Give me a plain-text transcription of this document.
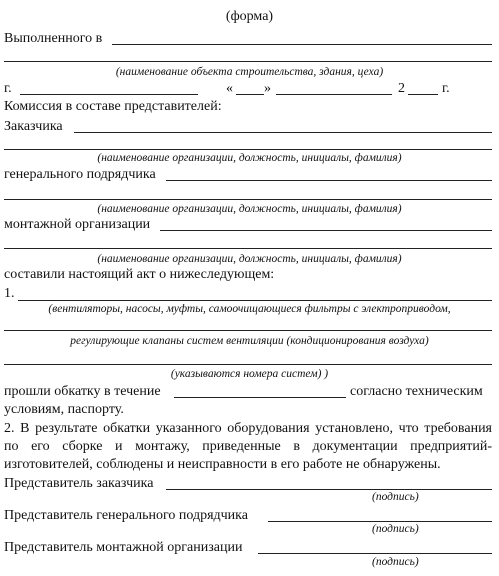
(форма)
Выполненного в
(наименование объекта строительства, здания, цеха)
г.	« »	2	г.
Комиссия в составе представителей:
Заказчика
(наименование организации, должность, инициалы, фамилия)
генерального подрядчика
(наименование организации, должность, инициалы, фамилия)
монтажной организации
(наименование организации, должность, инициалы, фамилия)
составили настоящий акт о нижеследующем:
1.
(вентиляторы, насосы, муфты, самоочищающиеся фильтры с электроприводом,
регулирующие клапаны систем вентиляции (кондиционирования воздуха)
(указываются номера систем) )
прошли обкатку в течение	согласно техническим
условиям, паспорту.
2. В результате обкатки указанного оборудования установлено, что требования по его сборке и монтажу, приведенные в документации предприятий-изготовителей, соблюдены и неисправности в его работе не обнаружены.
Представитель заказчика
(подпись)
Представитель генерального подрядчика
(подпись)
Представитель монтажной организации
(подпись)
